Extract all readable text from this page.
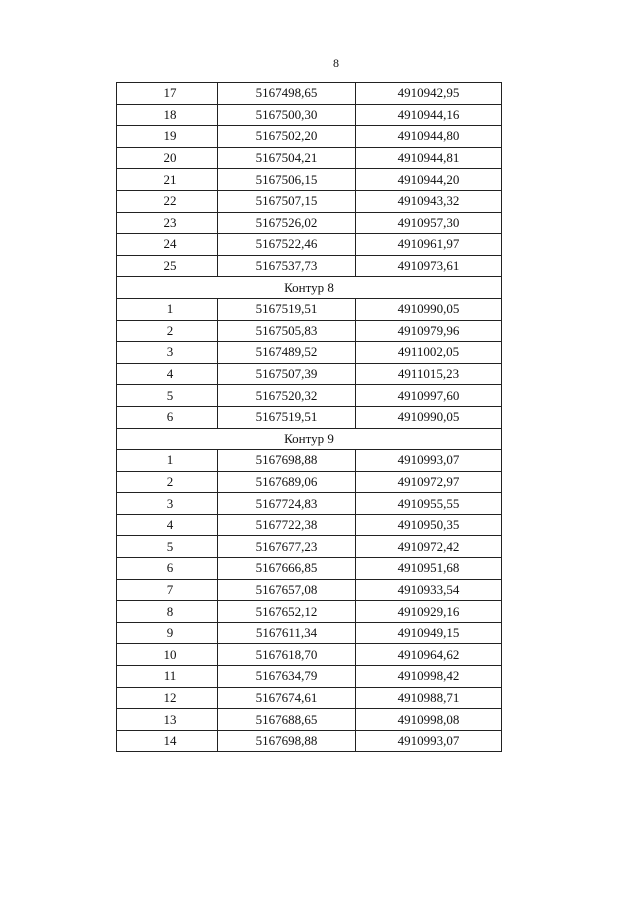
8
17	5167498,65	4910942,95
18	5167500,30	4910944,16
19	5167502,20	4910944,80
20	5167504,21	4910944,81
21	5167506,15	4910944,20
22	5167507,15	4910943,32
23	5167526,02	4910957,30
24	5167522,46	4910961,97
25	5167537,73	4910973,61
Контур 8		
1	5167519,51	4910990,05
2	5167505,83	4910979,96
3	5167489,52	4911002,05
4	5167507,39	4911015,23
5	5167520,32	4910997,60
6	5167519,51	4910990,05
Контур 9		
1	5167698,88	4910993,07
2	5167689,06	4910972,97
3	5167724,83	4910955,55
4	5167722,38	4910950,35
5	5167677,23	4910972,42
6	5167666,85	4910951,68
7	5167657,08	4910933,54
8	5167652,12	4910929,16
9	5167611,34	4910949,15
10	5167618,70	4910964,62
11	5167634,79	4910998,42
12	5167674,61	4910988,71
13	5167688,65	4910998,08
14	5167698,88	4910993,07
